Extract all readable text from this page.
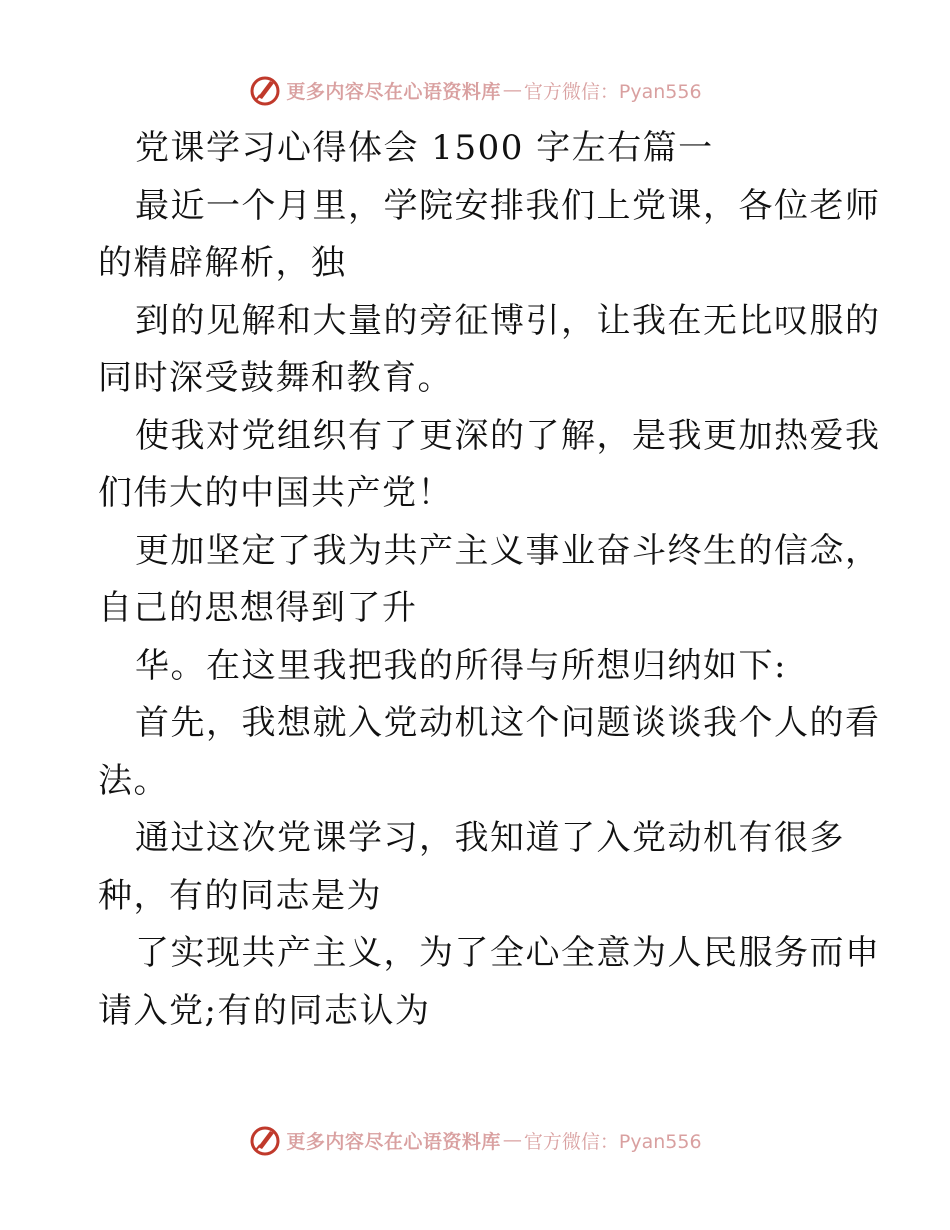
更多内容尽在心语资料库 — 官方微信：Pyan556
党课学习心得体会 1500 字左右篇一
最近一个月里，学院安排我们上党课，各位老师
的精辟解析，独
到的见解和大量的旁征博引，让我在无比叹服的
同时深受鼓舞和教育。
使我对党组织有了更深的了解，是我更加热爱我
们伟大的中国共产党！
更加坚定了我为共产主义事业奋斗终生的信念，
自己的思想得到了升
华。在这里我把我的所得与所想归纳如下:
首先，我想就入党动机这个问题谈谈我个人的看
法。
通过这次党课学习，我知道了入党动机有很多
种，有的同志是为
了实现共产主义，为了全心全意为人民服务而申
请入党;有的同志认为
更多内容尽在心语资料库 — 官方微信：Pyan556
